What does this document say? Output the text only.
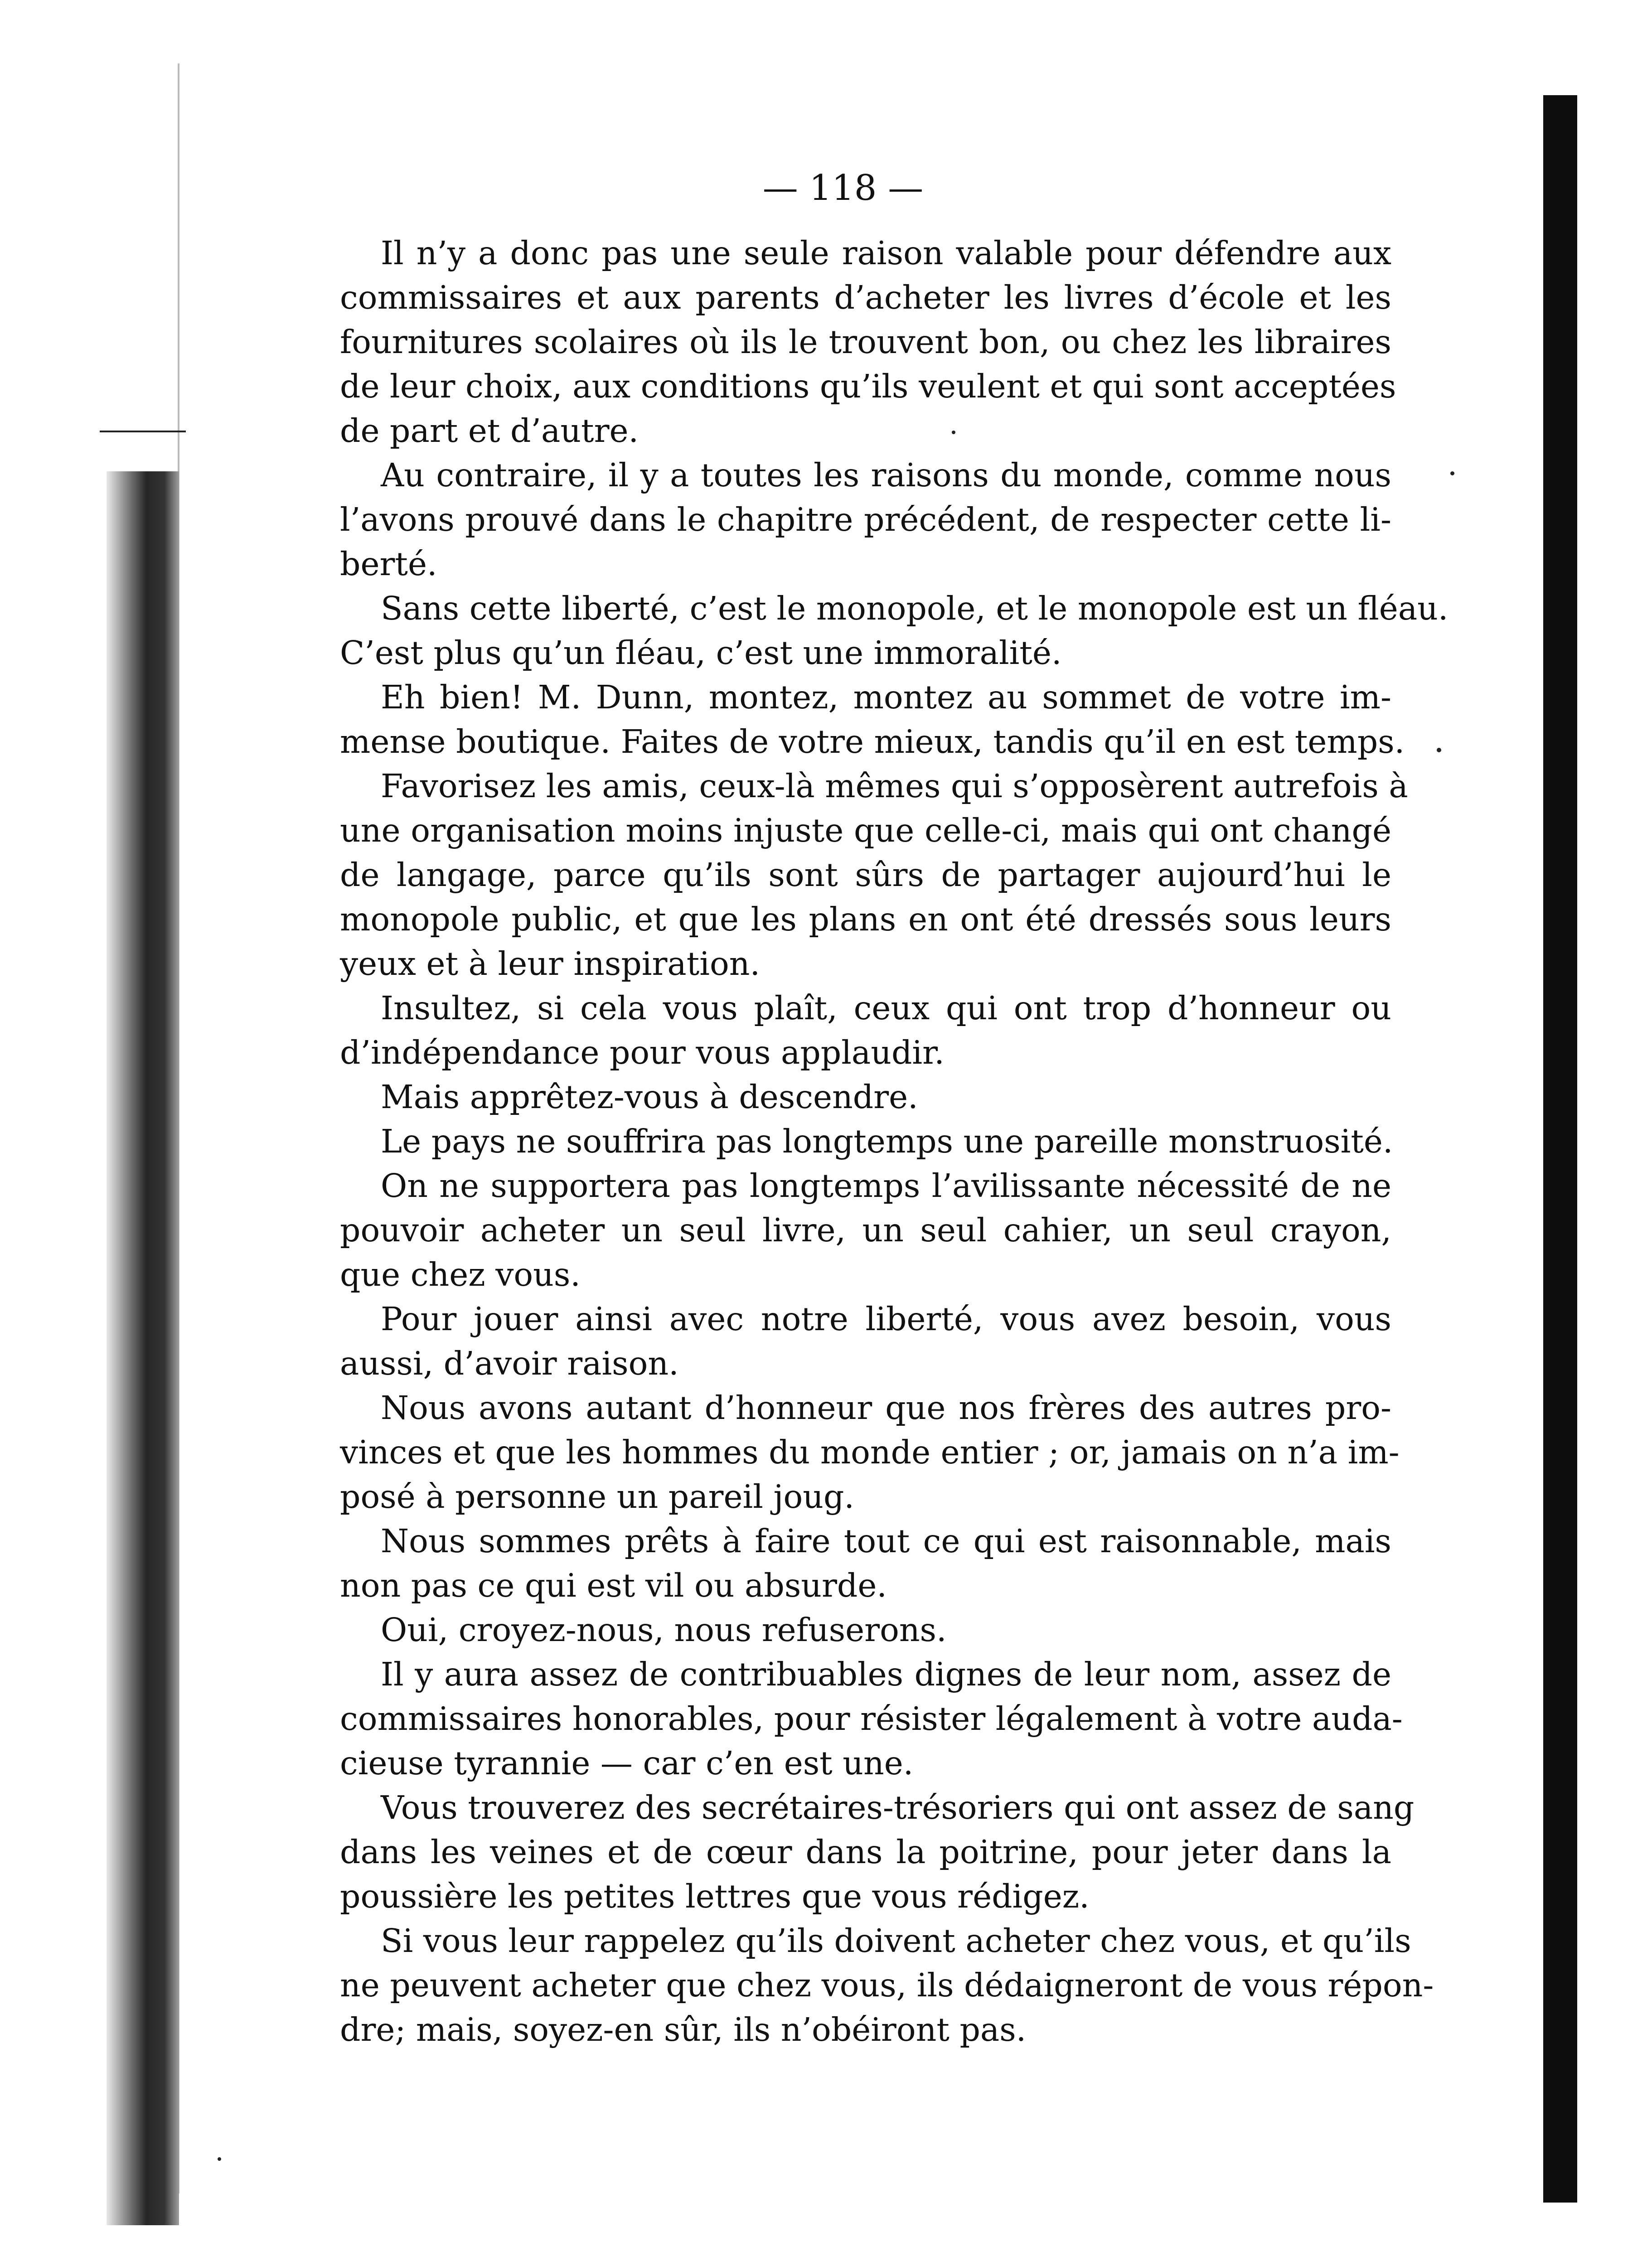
— 118 —
Il n’y a donc pas une seule raison valable pour défendre aux
commissaires et aux parents d’acheter les livres d’école et les
fournitures scolaires où ils le trouvent bon, ou chez les libraires
de leur choix, aux conditions qu’ils veulent et qui sont acceptées
de part et d’autre.
Au contraire, il y a toutes les raisons du monde, comme nous
l’avons prouvé dans le chapitre précédent, de respecter cette li-
berté.
Sans cette liberté, c’est le monopole, et le monopole est un fléau.
C’est plus qu’un fléau, c’est une immoralité.
Eh bien! M. Dunn, montez, montez au sommet de votre im-
mense boutique. Faites de votre mieux, tandis qu’il en est temps.
Favorisez les amis, ceux-là mêmes qui s’opposèrent autrefois à
une organisation moins injuste que celle-ci, mais qui ont changé
de langage, parce qu’ils sont sûrs de partager aujourd’hui le
monopole public, et que les plans en ont été dressés sous leurs
yeux et à leur inspiration.
Insultez, si cela vous plaît, ceux qui ont trop d’honneur ou
d’indépendance pour vous applaudir.
Mais apprêtez-vous à descendre.
Le pays ne souffrira pas longtemps une pareille monstruosité.
On ne supportera pas longtemps l’avilissante nécessité de ne
pouvoir acheter un seul livre, un seul cahier, un seul crayon,
que chez vous.
Pour jouer ainsi avec notre liberté, vous avez besoin, vous
aussi, d’avoir raison.
Nous avons autant d’honneur que nos frères des autres pro-
vinces et que les hommes du monde entier ; or, jamais on n’a im-
posé à personne un pareil joug.
Nous sommes prêts à faire tout ce qui est raisonnable, mais
non pas ce qui est vil ou absurde.
Oui, croyez-nous, nous refuserons.
Il y aura assez de contribuables dignes de leur nom, assez de
commissaires honorables, pour résister légalement à votre auda-
cieuse tyrannie — car c’en est une.
Vous trouverez des secrétaires-trésoriers qui ont assez de sang
dans les veines et de cœur dans la poitrine, pour jeter dans la
poussière les petites lettres que vous rédigez.
Si vous leur rappelez qu’ils doivent acheter chez vous, et qu’ils
ne peuvent acheter que chez vous, ils dédaigneront de vous répon-
dre; mais, soyez-en sûr, ils n’obéiront pas.
